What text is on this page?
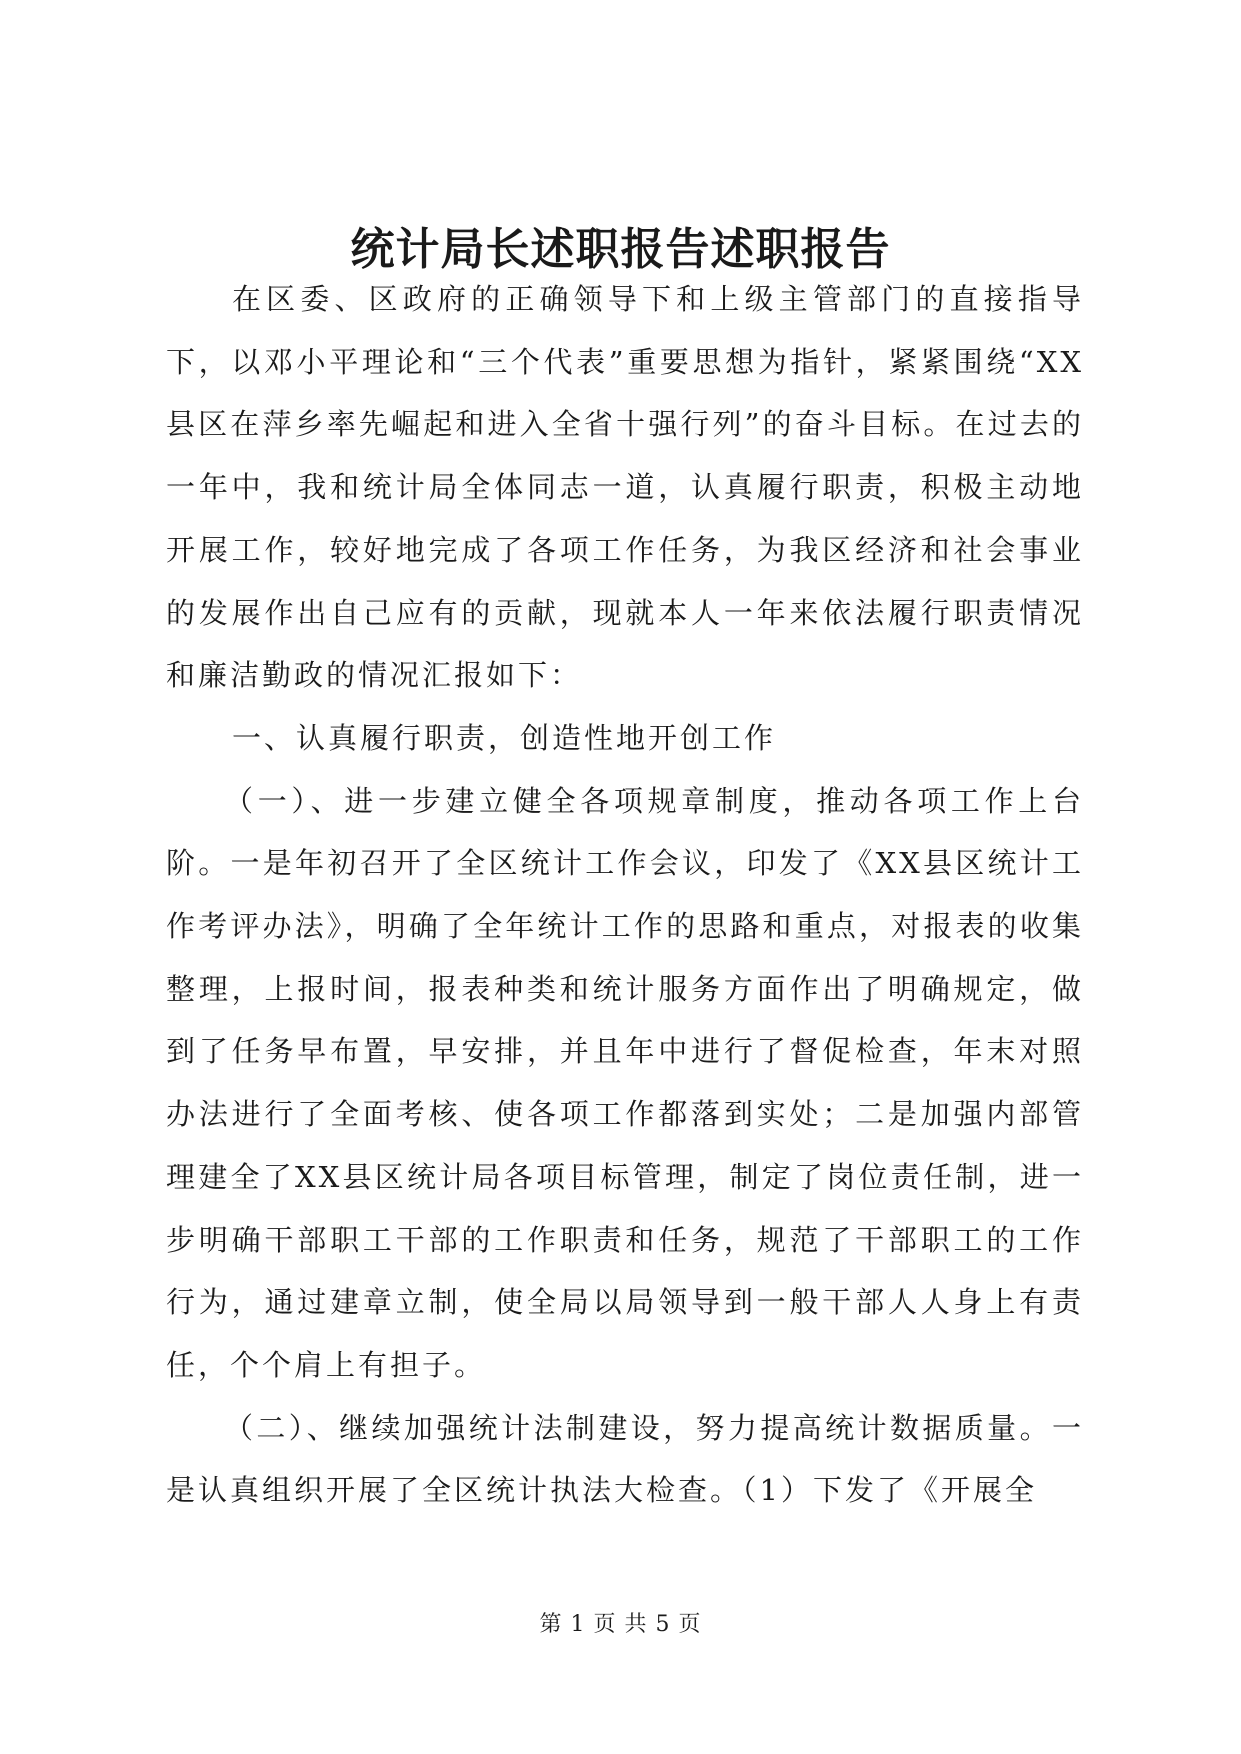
统计局长述职报告述职报告

在区委、区政府的正确领导下和上级主管部门的直接指导下，以邓小平理论和“三个代表”重要思想为指针，紧紧围绕“XX县区在萍乡率先崛起和进入全省十强行列”的奋斗目标。在过去的一年中，我和统计局全体同志一道，认真履行职责，积极主动地开展工作，较好地完成了各项工作任务，为我区经济和社会事业的发展作出自己应有的贡献，现就本人一年来依法履行职责情况和廉洁勤政的情况汇报如下：

一、认真履行职责，创造性地开创工作

（一）、进一步建立健全各项规章制度，推动各项工作上台阶。一是年初召开了全区统计工作会议，印发了《XX县区统计工作考评办法》，明确了全年统计工作的思路和重点，对报表的收集整理，上报时间，报表种类和统计服务方面作出了明确规定，做到了任务早布置，早安排，并且年中进行了督促检查，年末对照办法进行了全面考核、使各项工作都落到实处；二是加强内部管理建全了XX县区统计局各项目标管理，制定了岗位责任制，进一步明确干部职工干部的工作职责和任务，规范了干部职工的工作行为，通过建章立制，使全局以局领导到一般干部人人身上有责任，个个肩上有担子。

（二）、继续加强统计法制建设，努力提高统计数据质量。一是认真组织开展了全区统计执法大检查。（1）下发了《开展全

第 1 页 共 5 页
